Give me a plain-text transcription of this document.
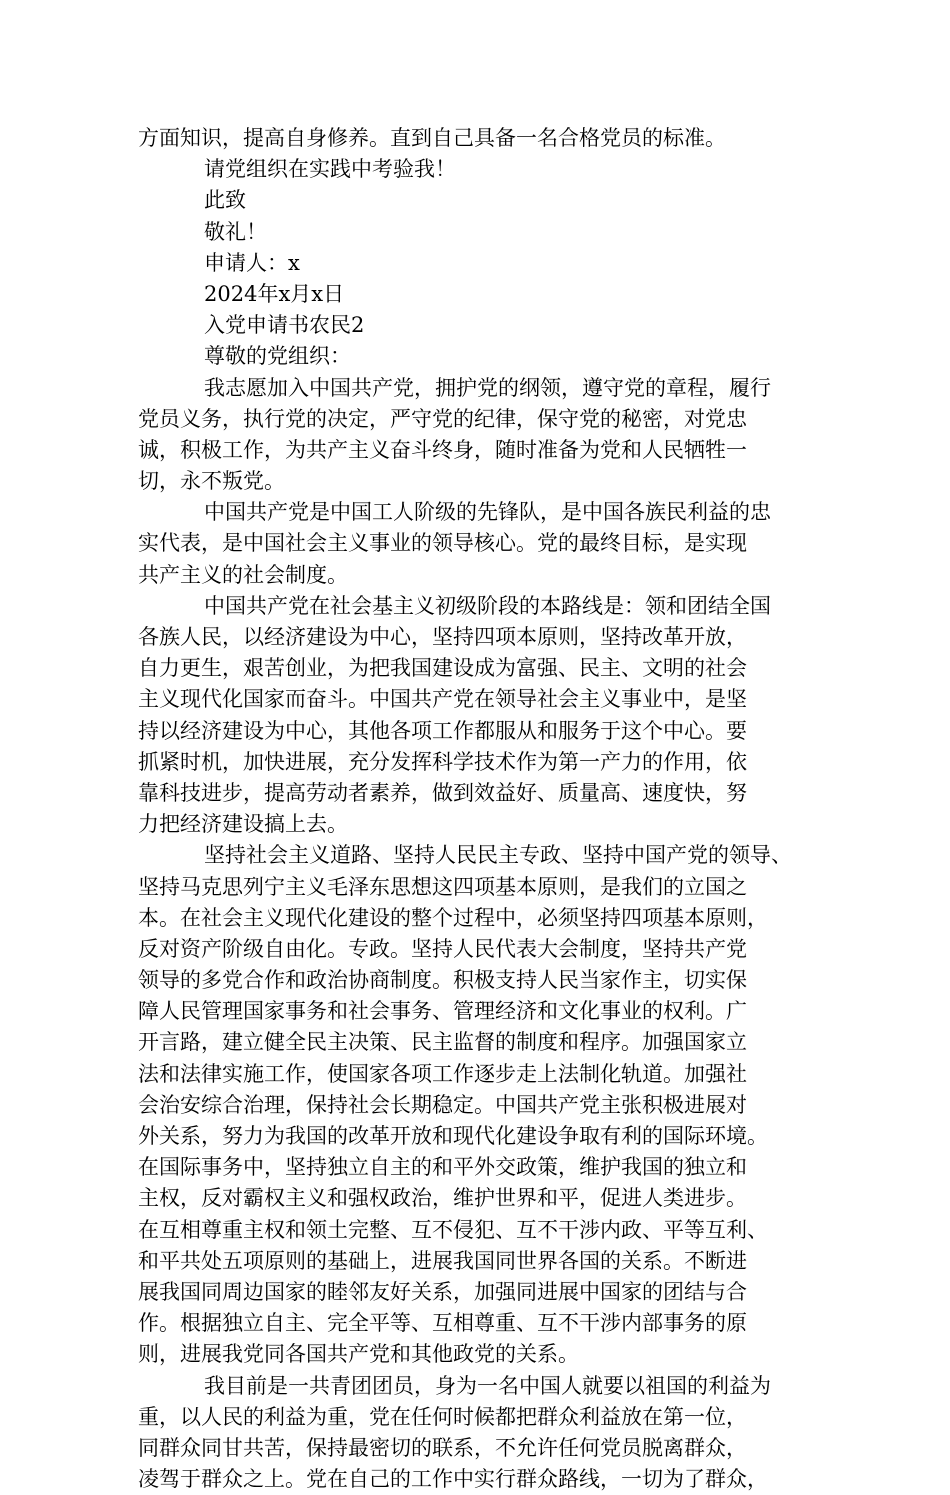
方面知识，提高自身修养。直到自己具备一名合格党员的标准。
请党组织在实践中考验我！
此致
敬礼！
申请人：x
2024年x月x日
入党申请书农民2
尊敬的党组织：
我志愿加入中国共产党，拥护党的纲领，遵守党的章程，履行
党员义务，执行党的决定，严守党的纪律，保守党的秘密，对党忠
诚，积极工作，为共产主义奋斗终身，随时准备为党和人民牺牲一
切，永不叛党。
中国共产党是中国工人阶级的先锋队，是中国各族民利益的忠
实代表，是中国社会主义事业的领导核心。党的最终目标，是实现
共产主义的社会制度。
中国共产党在社会基主义初级阶段的本路线是：领和团结全国
各族人民，以经济建设为中心，坚持四项本原则，坚持改革开放，
自力更生，艰苦创业，为把我国建设成为富强、民主、文明的社会
主义现代化国家而奋斗。中国共产党在领导社会主义事业中，是坚
持以经济建设为中心，其他各项工作都服从和服务于这个中心。要
抓紧时机，加快进展，充分发挥科学技术作为第一产力的作用，依
靠科技进步，提高劳动者素养，做到效益好、质量高、速度快，努
力把经济建设搞上去。
坚持社会主义道路、坚持人民民主专政、坚持中国产党的领导、
坚持马克思列宁主义毛泽东思想这四项基本原则，是我们的立国之
本。在社会主义现代化建设的整个过程中，必须坚持四项基本原则，
反对资产阶级自由化。专政。坚持人民代表大会制度，坚持共产党
领导的多党合作和政治协商制度。积极支持人民当家作主，切实保
障人民管理国家事务和社会事务、管理经济和文化事业的权利。广
开言路，建立健全民主决策、民主监督的制度和程序。加强国家立
法和法律实施工作，使国家各项工作逐步走上法制化轨道。加强社
会治安综合治理，保持社会长期稳定。中国共产党主张积极进展对
外关系，努力为我国的改革开放和现代化建设争取有利的国际环境。
在国际事务中，坚持独立自主的和平外交政策，维护我国的独立和
主权，反对霸权主义和强权政治，维护世界和平，促进人类进步。
在互相尊重主权和领土完整、互不侵犯、互不干涉内政、平等互利、
和平共处五项原则的基础上，进展我国同世界各国的关系。不断进
展我国同周边国家的睦邻友好关系，加强同进展中国家的团结与合
作。根据独立自主、完全平等、互相尊重、互不干涉内部事务的原
则，进展我党同各国共产党和其他政党的关系。
我目前是一共青团团员，身为一名中国人就要以祖国的利益为
重，以人民的利益为重，党在任何时候都把群众利益放在第一位，
同群众同甘共苦，保持最密切的联系，不允许任何党员脱离群众，
凌驾于群众之上。党在自己的工作中实行群众路线，一切为了群众，
